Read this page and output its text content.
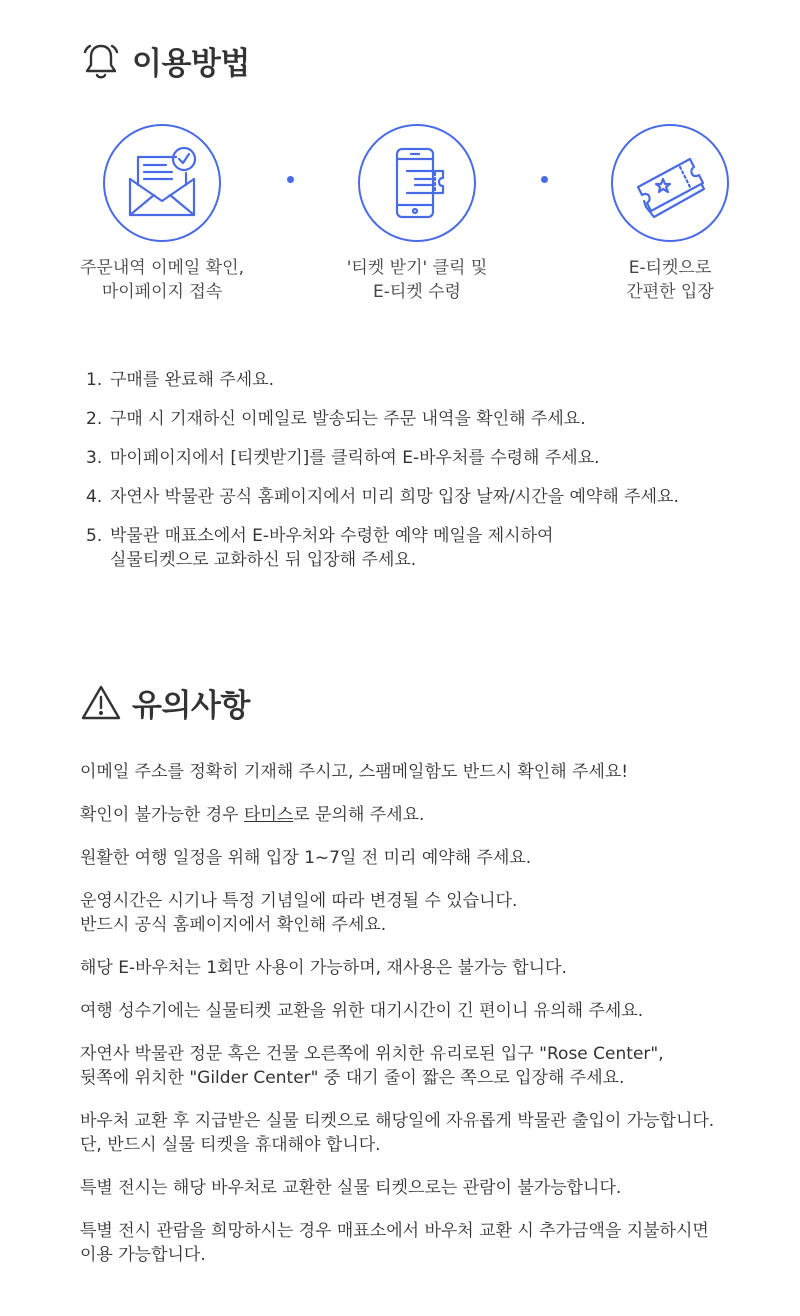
이용방법
주문내역 이메일 확인,
마이페이지 접속
'티켓 받기' 클릭 및
E-티켓 수령
E-티켓으로
간편한 입장
1. 구매를 완료해 주세요.
2. 구매 시 기재하신 이메일로 발송되는 주문 내역을 확인해 주세요.
3. 마이페이지에서 [티켓받기]를 클릭하여 E-바우처를 수령해 주세요.
4. 자연사 박물관 공식 홈페이지에서 미리 희망 입장 날짜/시간을 예약해 주세요.
5. 박물관 매표소에서 E-바우처와 수령한 예약 메일을 제시하여
실물티켓으로 교화하신 뒤 입장해 주세요.
유의사항

이메일 주소를 정확히 기재해 주시고, 스팸메일함도 반드시 확인해 주세요!

확인이 불가능한 경우 타미스로 문의해 주세요.

원활한 여행 일정을 위해 입장 1~7일 전 미리 예약해 주세요.

운영시간은 시기나 특정 기념일에 따라 변경될 수 있습니다.
반드시 공식 홈페이지에서 확인해 주세요.

해당 E-바우처는 1회만 사용이 가능하며, 재사용은 불가능 합니다.

여행 성수기에는 실물티켓 교환을 위한 대기시간이 긴 편이니 유의해 주세요.

자연사 박물관 정문 혹은 건물 오른쪽에 위치한 유리로된 입구 "Rose Center",
뒷쪽에 위치한 "Gilder Center" 중 대기 줄이 짧은 쪽으로 입장해 주세요.

바우처 교환 후 지급받은 실물 티켓으로 해당일에 자유롭게 박물관 출입이 가능합니다.
단, 반드시 실물 티켓을 휴대해야 합니다.

특별 전시는 해당 바우처로 교환한 실물 티켓으로는 관람이 불가능합니다.

특별 전시 관람을 희망하시는 경우 매표소에서 바우처 교환 시 추가금액을 지불하시면
이용 가능합니다.
